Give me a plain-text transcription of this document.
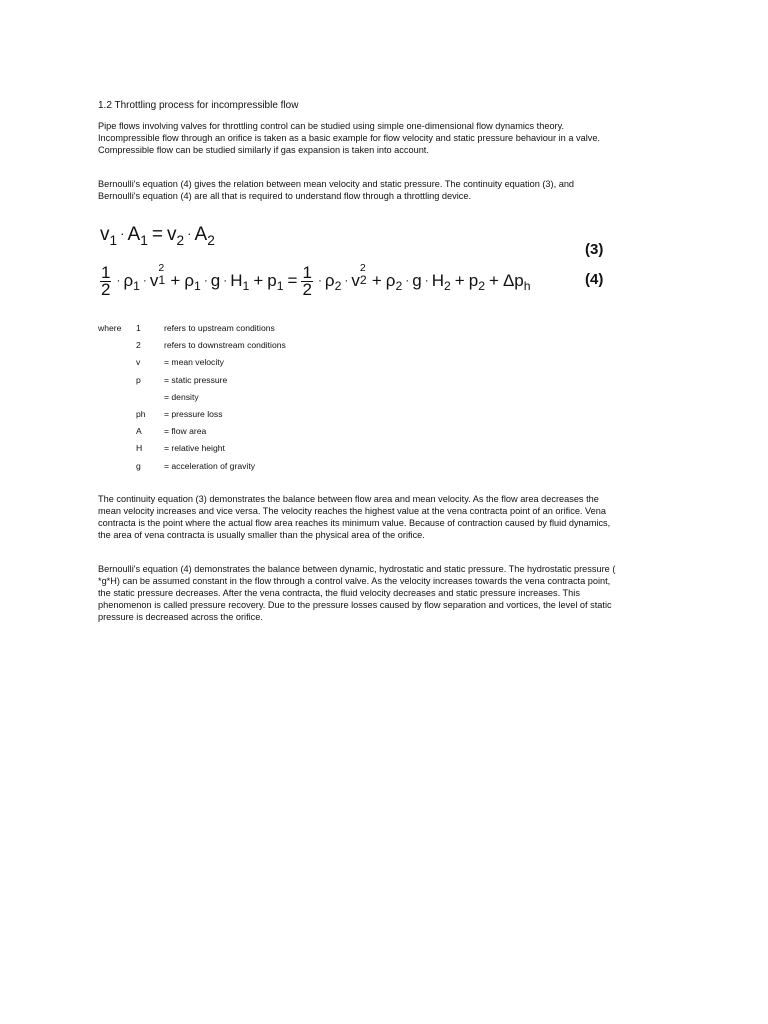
1.2 Throttling process for incompressible flow
Pipe flows involving valves for throttling control can be studied using simple one-dimensional flow dynamics theory.
Incompressible flow through an orifice is taken as a basic example for flow velocity and static pressure behaviour in a valve.
Compressible flow can be studied similarly if gas expansion is taken into account.
Bernoulli's equation (4) gives the relation between mean velocity and static pressure. The continuity equation (3), and
Bernoulli's equation (4) are all that is required to understand flow through a throttling device.
$v_1 \cdot A_1 = v_2 \cdot A_2$
(3)
$\frac{1}{2} \cdot \rho_1 \cdot v$
2
$1 + \rho_1 \cdot g \cdot H_1 + p_1 = \frac{1}{2} \cdot \rho_2 \cdot v$
2
$2 + \rho_2 \cdot g \cdot H_2 + p_2 + \Delta p_h$	(4)
where 1	refers to upstream conditions
2	refers to downstream conditions
v	= mean velocity
p	= static pressure
= density
ph = pressure loss
A	= flow area
H	= relative height
g	= acceleration of gravity
The continuity equation (3) demonstrates the balance between flow area and mean velocity. As the flow area decreases the
mean velocity increases and vice versa. The velocity reaches the highest value at the vena contracta point of an orifice. Vena
contracta is the point where the actual flow area reaches its minimum value. Because of contraction caused by fluid dynamics,
the area of vena contracta is usually smaller than the physical area of the orifice.
Bernoulli's equation (4) demonstrates the balance between dynamic, hydrostatic and static pressure. The hydrostatic pressure (
*g*H) can be assumed constant in the flow through a control valve. As the velocity increases towards the vena contracta point,
the static pressure decreases. After the vena contracta, the fluid velocity decreases and static pressure increases. This
phenomenon is called pressure recovery. Due to the pressure losses caused by flow separation and vortices, the level of static
pressure is decreased across the orifice.
